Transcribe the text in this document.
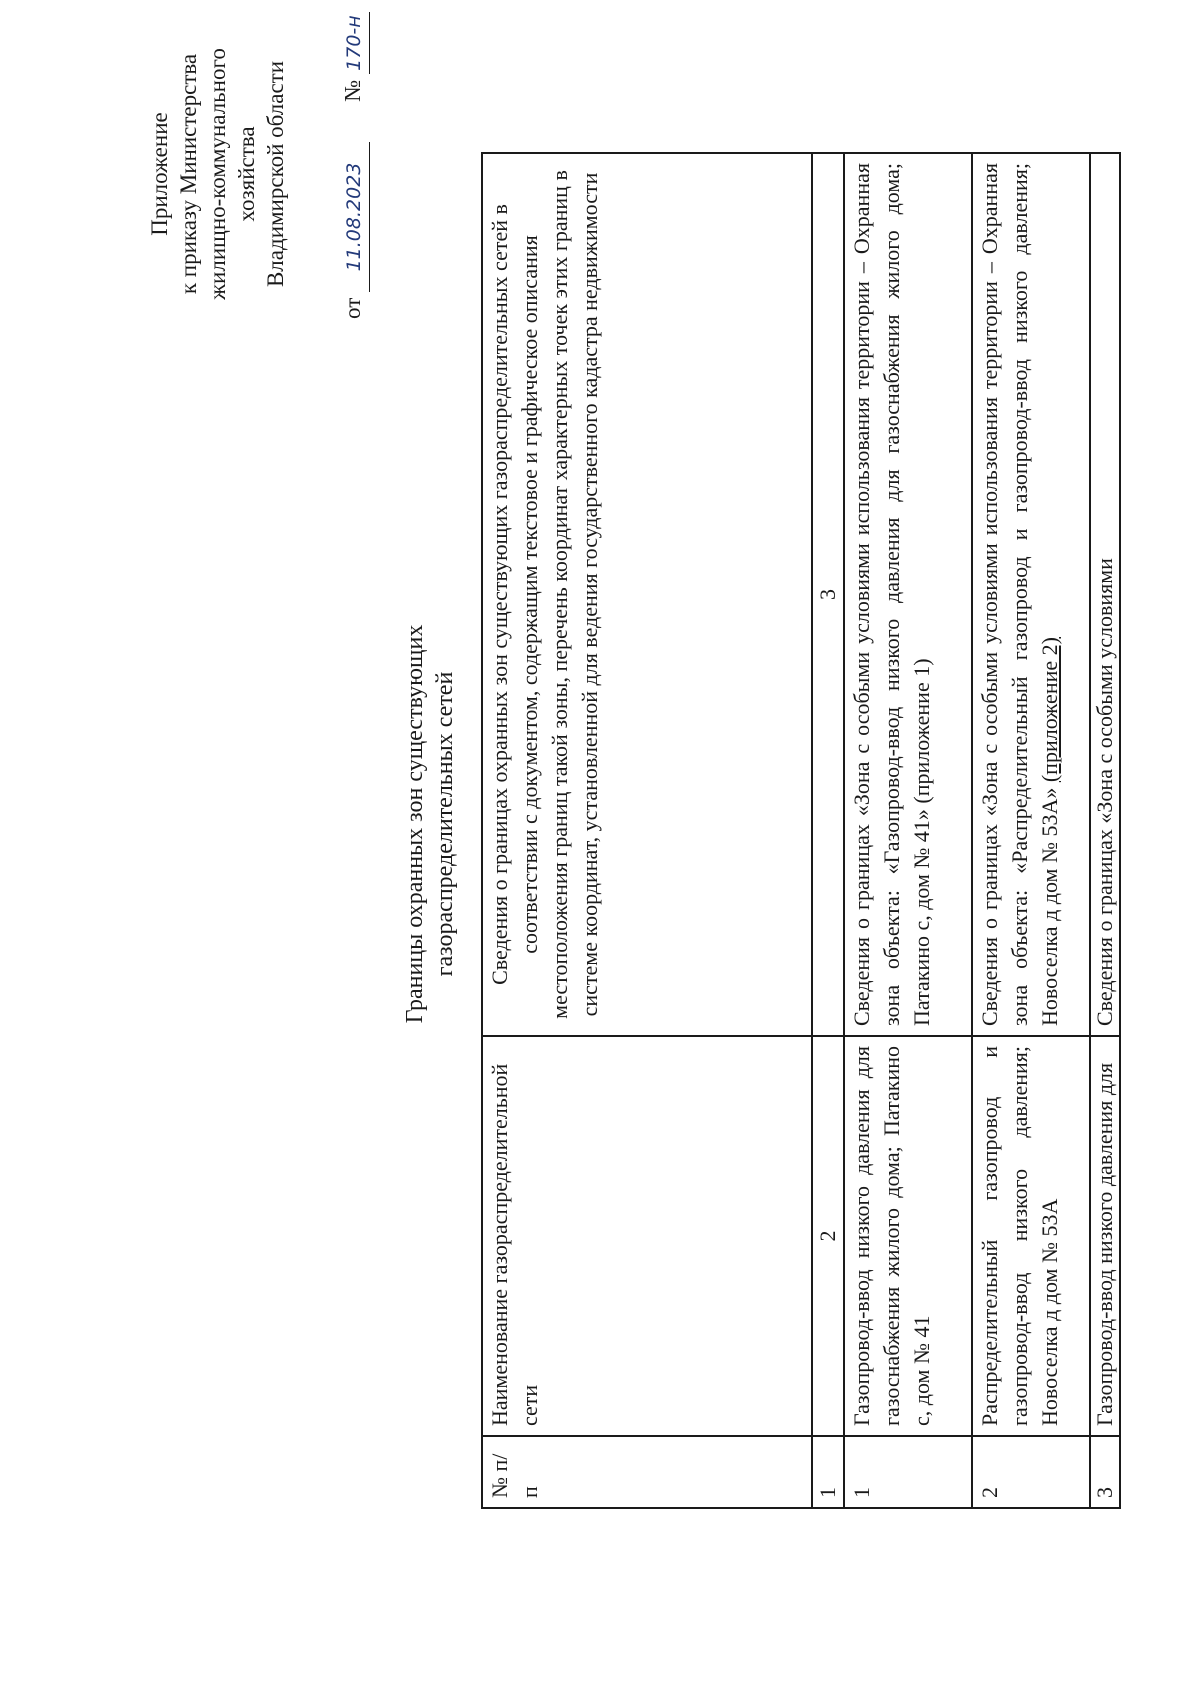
Приложение к приказу Министерства жилищно-коммунального хозяйства Владимирской области
от 11.08.2023       № 170-н
Границы охранных зон существующих газораспределительных сетей
№ п/п	Наименование газораспределительной сети	Сведения о границах охранных зон существующих газораспределительных сетей в соответствии с документом, содержащим текстовое и графическое описания местоположения границ такой зоны, перечень координат характерных точек этих границ в системе координат, установленной для ведения государственного кадастра недвижимости
1	2	3
1	Газопровод-ввод низкого давления для газоснабжения жилого дома; Патакино с, дом № 41	Сведения о границах «Зона с особыми условиями использования территории – Охранная зона объекта: «Газопровод-ввод низкого давления для газоснабжения жилого дома; Патакино с, дом № 41» (приложение 1)
2	Распределительный газопровод и газопровод-ввод низкого давления; Новоселка д дом № 53А	Сведения о границах «Зона с особыми условиями использования территории – Охранная зона объекта: «Распределительный газопровод и газопровод-ввод низкого давления; Новоселка д дом № 53А» (приложение 2)
3	Газопровод-ввод низкого давления для	Сведения о границах «Зона с особыми условиями
